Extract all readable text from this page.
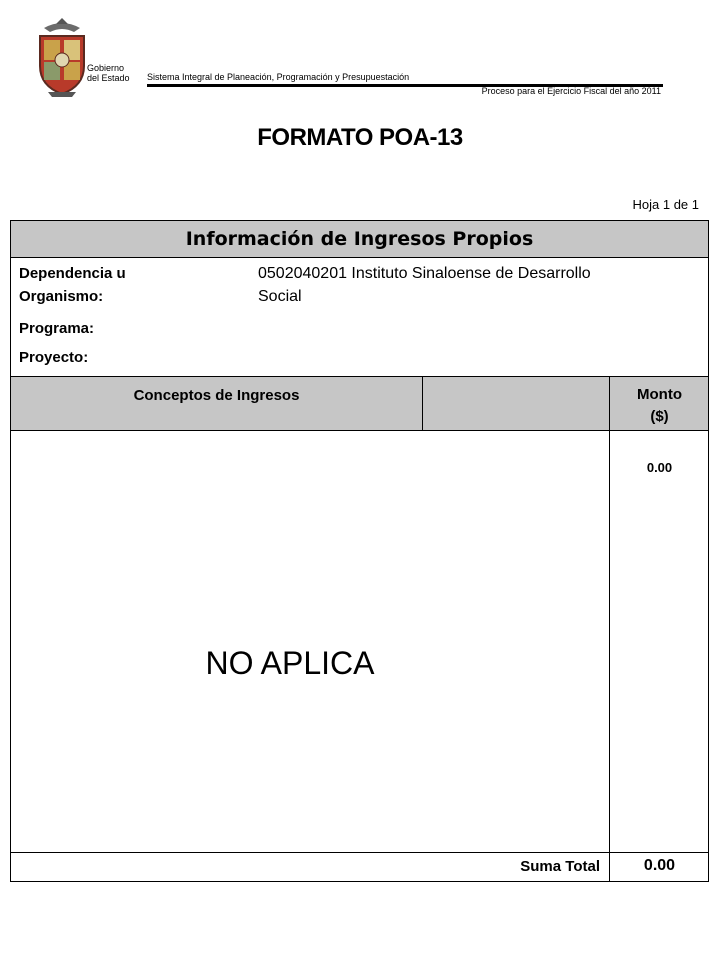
Gobierno
del Estado Sistema Integral de Planeación, Programación y Presupuestación
Proceso para el Ejercicio Fiscal del año 2011
FORMATO POA-13
Hoja 1 de 1
Información de Ingresos Propios
Dependencia u
Organismo:
0502040201 Instituto Sinaloense de Desarrollo
Social
Programa:
Proyecto:
Conceptos de Ingresos	Monto
($)
NO APLICA
0.00
Suma Total	0.00
